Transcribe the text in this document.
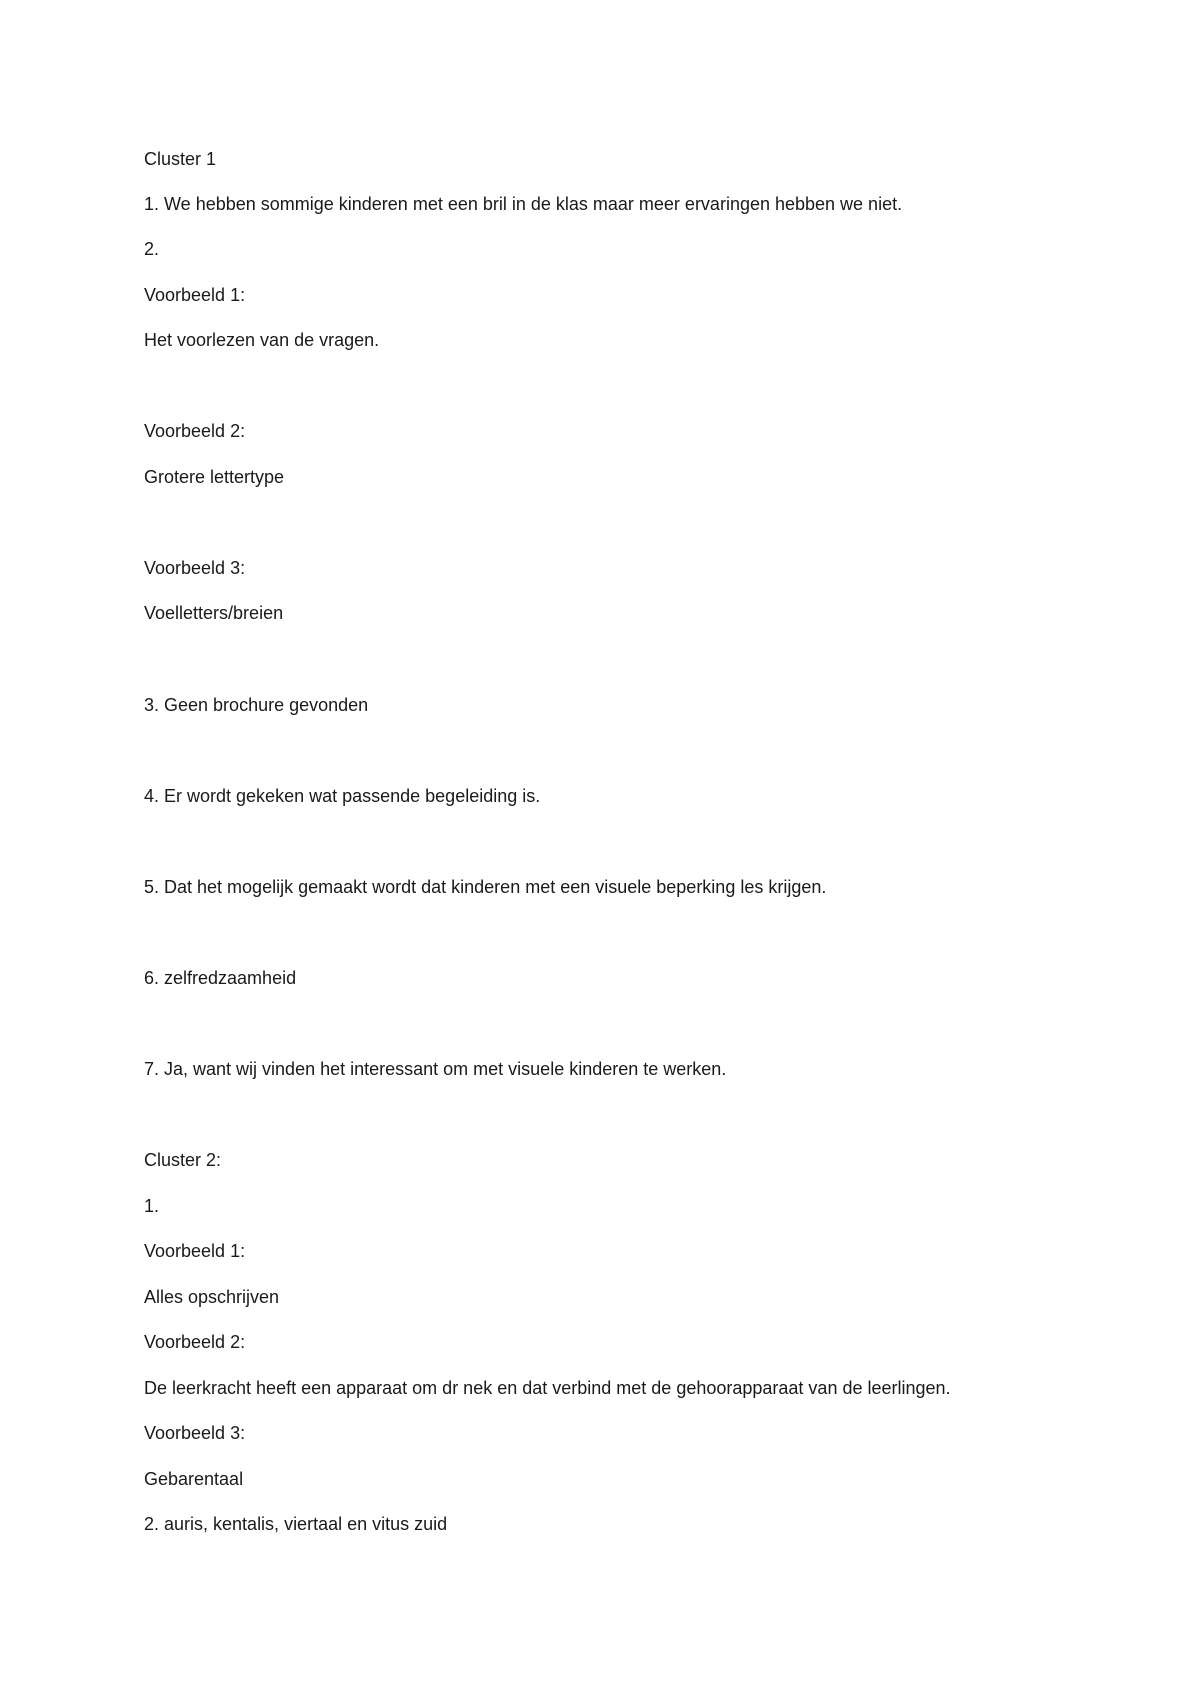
Cluster 1

1. We hebben sommige kinderen met een bril in de klas maar meer ervaringen hebben we niet.

2.

Voorbeeld 1:

Het voorlezen van de vragen.

Voorbeeld 2:

Grotere lettertype

Voorbeeld 3:

Voelletters/breien

3. Geen brochure gevonden

4. Er wordt gekeken wat passende begeleiding is.

5. Dat het mogelijk gemaakt wordt dat kinderen met een visuele beperking les krijgen.

6. zelfredzaamheid

7. Ja, want wij vinden het interessant om met visuele kinderen te werken.

Cluster 2:

1.

Voorbeeld 1:

Alles opschrijven

Voorbeeld 2:

De leerkracht heeft een apparaat om dr nek en dat verbind met de gehoorapparaat van de leerlingen.

Voorbeeld 3:

Gebarentaal

2. auris, kentalis, viertaal en vitus zuid
